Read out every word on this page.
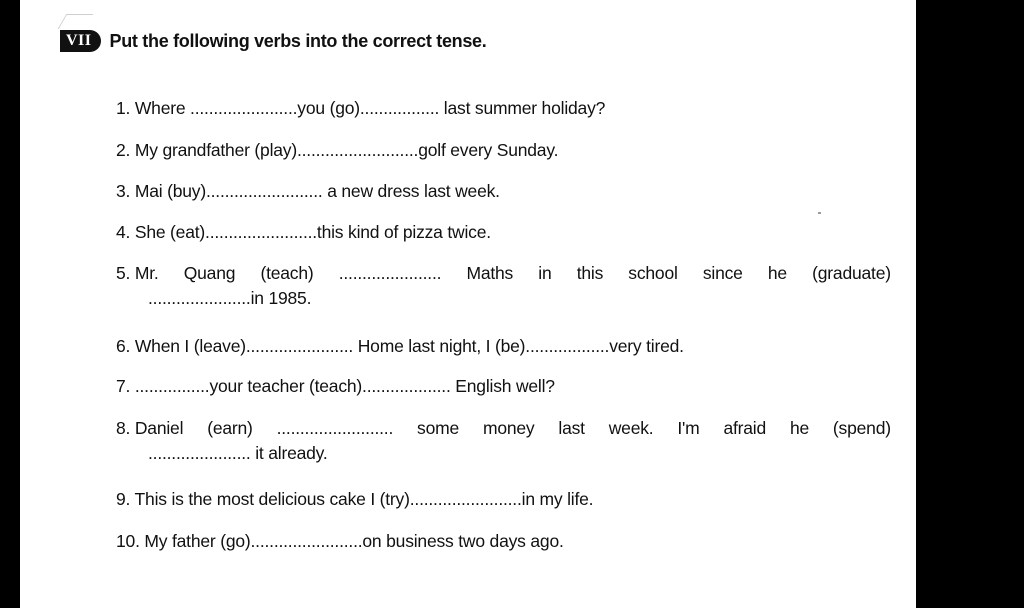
VII	Put the following verbs into the correct tense.
1. Where .......................you (go)................. last summer holiday?
2. My grandfather (play)..........................golf every Sunday.
3. Mai (buy)......................... a new dress last week.
4. She (eat)........................this kind of pizza twice.
5. Mr. Quang (teach) ...................... Maths in this school since he (graduate)
......................in 1985.
6. When I (leave)....................... Home last night, I (be)..................very tired.
7. ................your teacher (teach)................... English well?
8. Daniel (earn) ......................... some money last week. I'm afraid he (spend)
...................... it already.
9. This is the most delicious cake I (try)........................in my life.
10. My father (go)........................on business two days ago.
